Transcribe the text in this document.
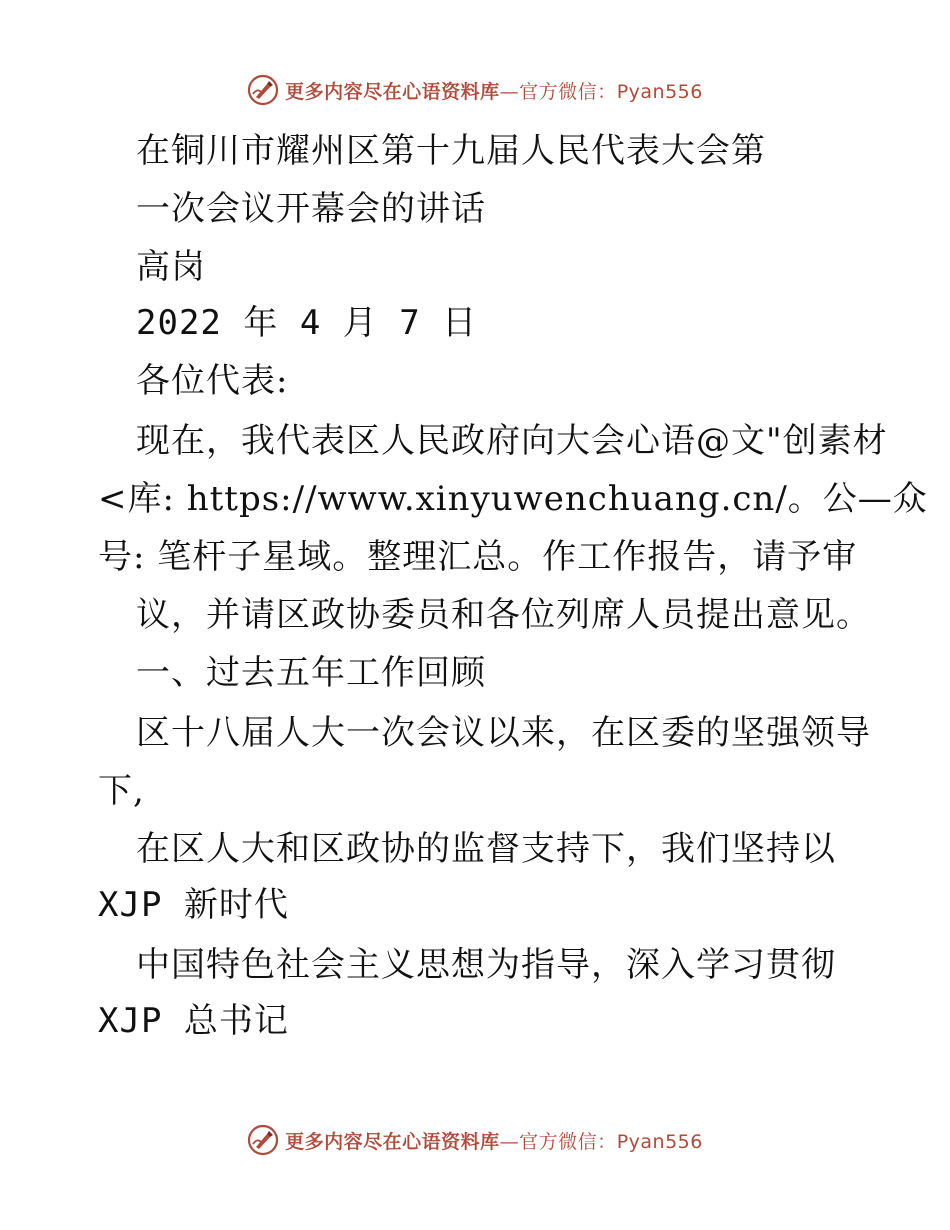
更多内容尽在心语资料库—官方微信：Pyan556
在铜川市耀州区第十九届人民代表大会第
一次会议开幕会的讲话
高岗
2022 年 4 月 7 日
各位代表:
现在，我代表区人民政府向大会心语@文"创素材
<库: https://www.xinyuwenchuang.cn/。公—众
号: 笔杆子星域。整理汇总。作工作报告，请予审
议，并请区政协委员和各位列席人员提出意见。
一、过去五年工作回顾
区十八届人大一次会议以来，在区委的坚强领导
下,
在区人大和区政协的监督支持下，我们坚持以
XJP 新时代
中国特色社会主义思想为指导，深入学习贯彻
XJP 总书记
更多内容尽在心语资料库—官方微信：Pyan556
